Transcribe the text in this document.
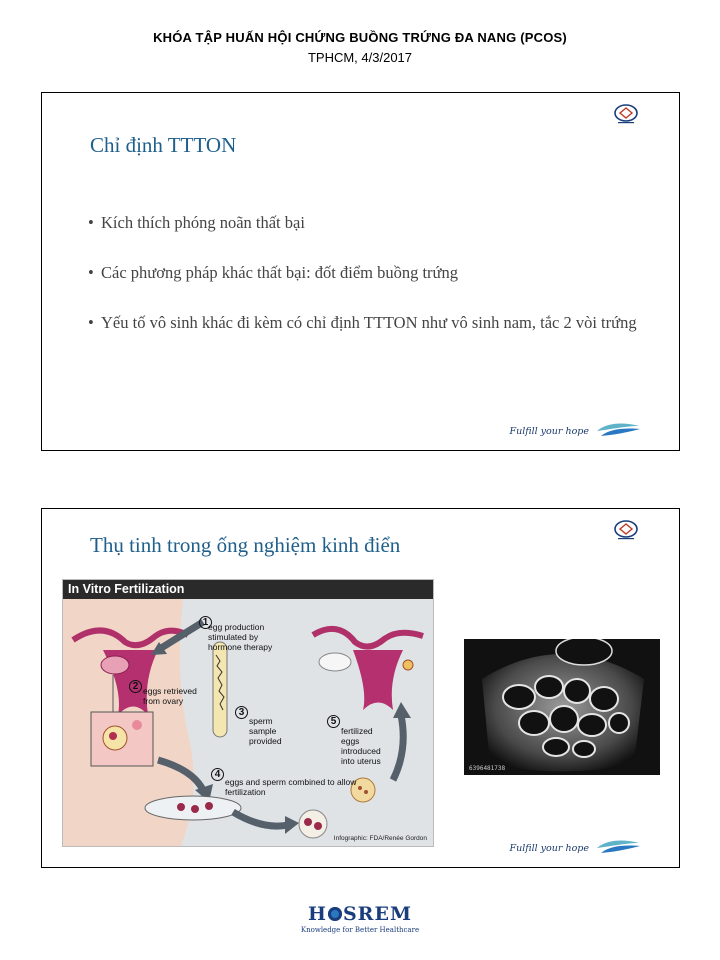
KHÓA TẬP HUẤN HỘI CHỨNG BUỒNG TRỨNG ĐA NANG (PCOS)
TPHCM, 4/3/2017
Chỉ định TTTON
• Kích thích phóng noãn thất bại
• Các phương pháp khác thất bại: đốt điểm buồng trứng
• Yếu tố vô sinh khác đi kèm có chỉ định TTTON như vô sinh nam, tắc 2 vòi trứng
Fulfill your hope
Thụ tinh trong ống nghiệm kinh điển
In Vitro Fertilization
1 egg production stimulated by hormone therapy
2 eggs retrieved from ovary
3
sperm sample provided
4
eggs and sperm combined to allow fertilization
5
fertilized eggs introduced into uterus
Infographic: FDA/Renée Gordon
6396481738
Fulfill your hope
H SREM
Knowledge for Better Healthcare
